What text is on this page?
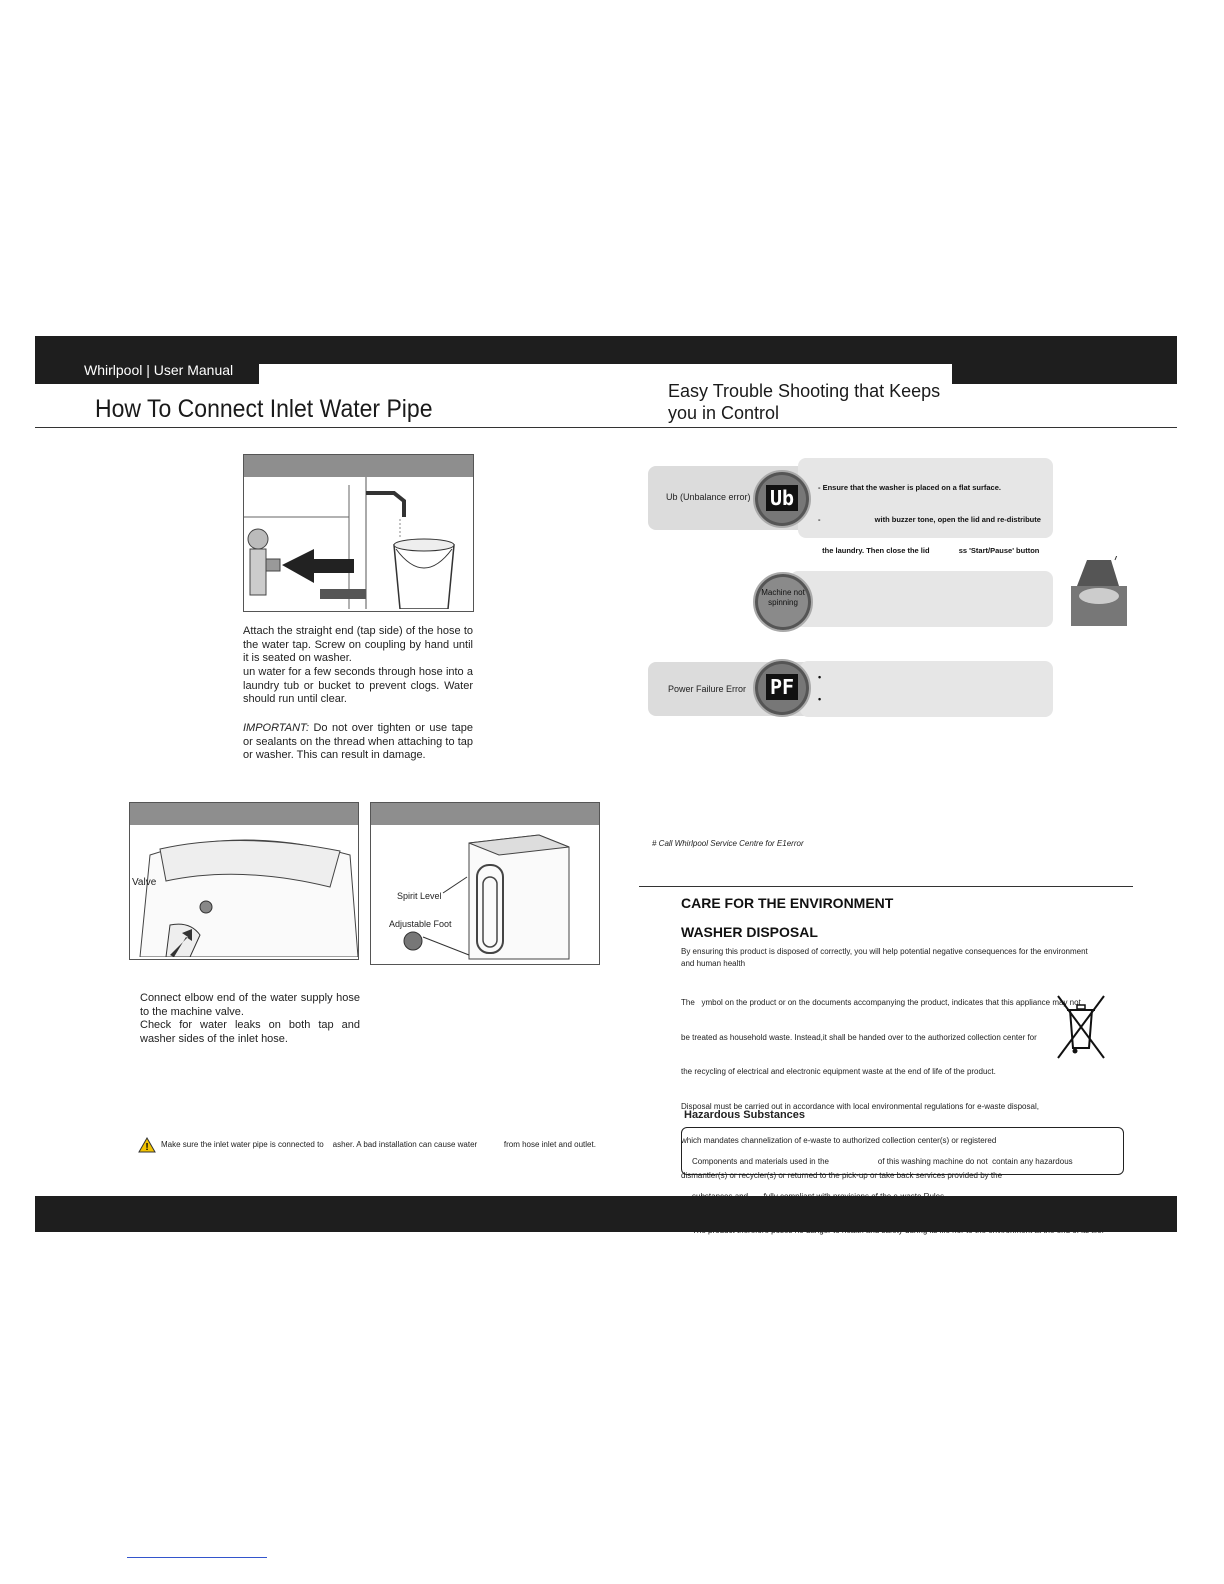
Whirlpool | User Manual
How To Connect Inlet Water Pipe
Easy Trouble Shooting that Keeps you in Control
Attach the straight end (tap side) of the hose to the water tap. Screw on coupling by hand until it is seated on washer.
un water for a few seconds through hose into a laundry tub or bucket to prevent clogs. Water should run until clear.
IMPORTANT: Do not over tighten or use tape or sealants on the thread when attaching to tap or washer. This can result in damage.
Valve
Spirit Level
Adjustable Foot
Connect elbow end of the water supply hose to the machine valve.
Check for water leaks on both tap and washer sides of the inlet hose.
! Make sure the inlet water pipe is connected to    asher. A bad installation can cause water            from hose inlet and outlet.
Ub (Unbalance error) Ub

	- Ensure that the washer is placed on a flat surface.

-                          with buzzer tone, open the lid and re-distribute

the laundry. Then close the lid              ss 'Start/Pause' button

Machine not spinning
Power Failure Error PF	•
•
# Call Whirlpool Service Centre for E1error
CARE FOR THE ENVIRONMENT
WASHER DISPOSAL
By ensuring this product is disposed of correctly, you will help potential negative consequences for the environment and human health

The   ymbol on the product or on the documents accompanying the product, indicates that this appliance may not

be treated as household waste. Instead,it shall be handed over to the authorized collection center for

the recycling of electrical and electronic equipment waste at the end of life of the product.

Disposal must be carried out in accordance with local environmental regulations for e-waste disposal,

which mandates channelization of e-waste to authorized collection center(s) or registered

dismantler(s) or recycler(s) or returned to the pick-up or take back services provided by the

Hazardous Substances

Components and materials used in the                      of this washing machine do not  contain any hazardous
